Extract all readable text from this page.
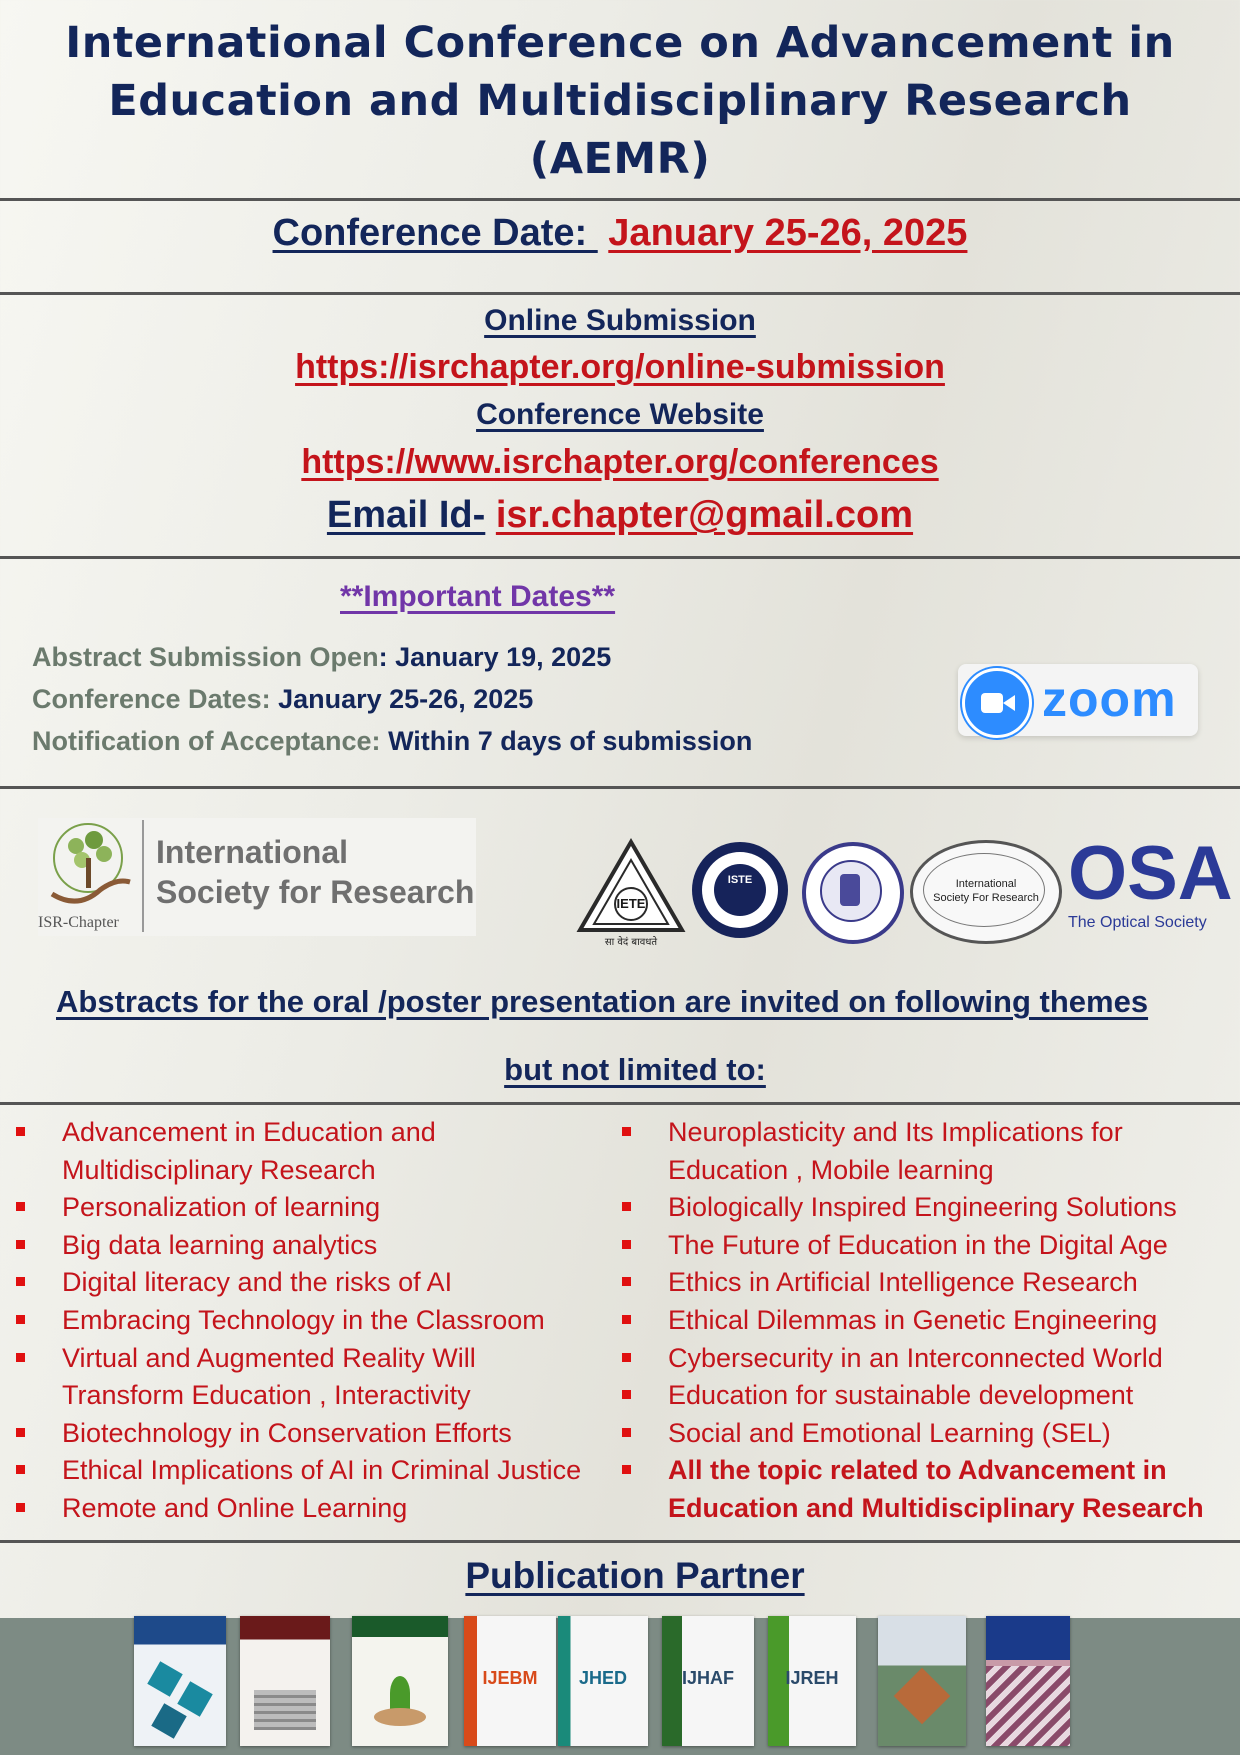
International Conference on Advancement in
Education and Multidisciplinary Research
(AEMR)
Conference Date:  January 25-26, 2025
Online Submission
https://isrchapter.org/online-submission
Conference Website
https://www.isrchapter.org/conferences
Email Id- isr.chapter@gmail.com
**Important Dates**
Abstract Submission Open: January 19, 2025
Conference Dates: January 25-26, 2025
Notification of Acceptance: Within 7 days of submission
zoom
International
Society for Research
ISR-Chapter
IETE
सा वेदं बावधते
ISTE	International
Society For Research OSA
The Optical Society
Abstracts for the oral /poster presentation are invited on following themes
but not limited to:
Advancement in Education and Multidisciplinary Research
Personalization of learning
Big data learning analytics
Digital literacy and the risks of AI
Embracing Technology in the Classroom
Virtual and Augmented Reality Will Transform Education , Interactivity
Biotechnology in Conservation Efforts
Ethical Implications of AI in Criminal Justice
Remote and Online Learning
Neuroplasticity and Its Implications for Education , Mobile learning
Biologically Inspired Engineering Solutions
The Future of Education in the Digital Age
Ethics in Artificial Intelligence Research
Ethical Dilemmas in Genetic Engineering
Cybersecurity in an Interconnected World
Education for sustainable development
Social and Emotional Learning (SEL)
All the topic related to Advancement in Education and Multidisciplinary Research
Publication Partner
IJEBM	JHED	IJHAF	IJREH
